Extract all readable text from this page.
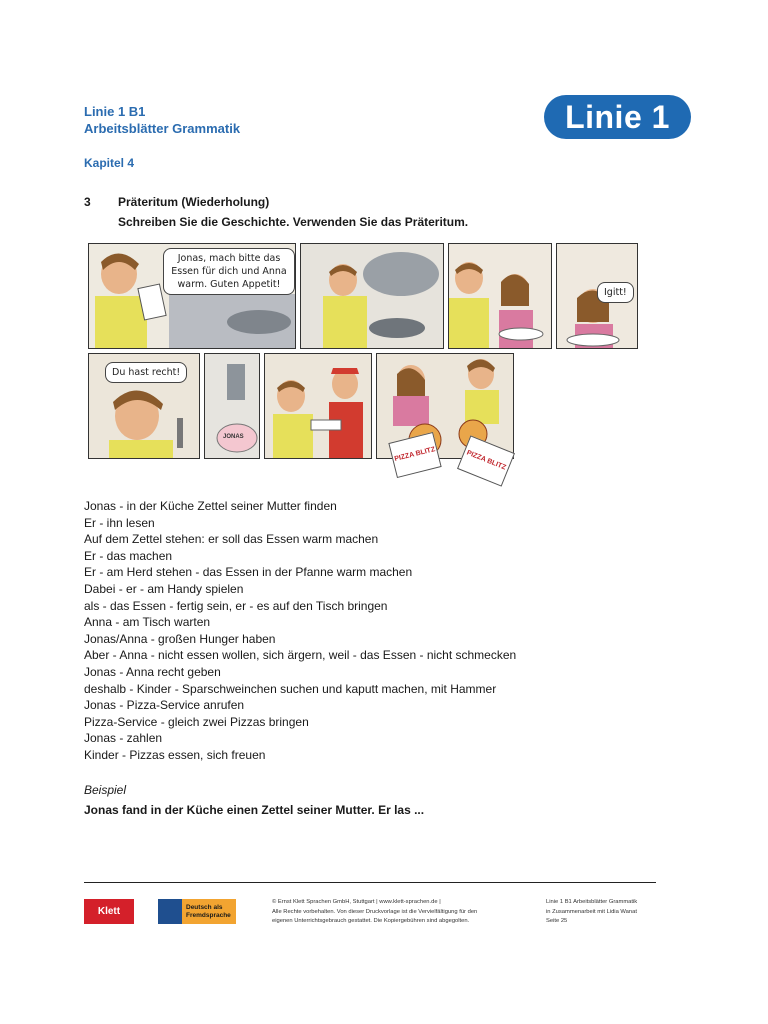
Linie 1 B1
Arbeitsblätter Grammatik	Linie 1
Kapitel 4
3 Präteritum (Wiederholung)
Schreiben Sie die Geschichte. Verwenden Sie das Präteritum.
Jonas, mach bitte das Essen für dich und Anna warm. Guten Appetit!
Igitt!
Du hast recht!
JONAS
PIZZA BLITZ	PIZZA BLITZ
Jonas - in der Küche Zettel seiner Mutter finden
Er - ihn lesen
Auf dem Zettel stehen: er soll das Essen warm machen
Er - das machen
Er - am Herd stehen - das Essen in der Pfanne warm machen
Dabei - er - am Handy spielen
als - das Essen - fertig sein, er - es auf den Tisch bringen
Anna - am Tisch warten
Jonas/Anna - großen Hunger haben
Aber - Anna - nicht essen wollen, sich ärgern, weil - das Essen - nicht schmecken
Jonas - Anna recht geben
deshalb - Kinder - Sparschweinchen suchen und kaputt machen, mit Hammer
Jonas - Pizza-Service anrufen
Pizza-Service - gleich zwei Pizzas bringen
Jonas - zahlen
Kinder - Pizzas essen, sich freuen
Beispiel
Jonas fand in der Küche einen Zettel seiner Mutter. Er las ...
Klett	Deutsch als
Fremdsprache
© Ernst Klett Sprachen GmbH, Stuttgart | www.klett-sprachen.de |
Alle Rechte vorbehalten. Von dieser Druckvorlage ist die Vervielfältigung für den
eigenen Unterrichtsgebrauch gestattet. Die Kopiergebühren sind abgegolten.
Linie 1 B1 Arbeitsblätter Grammatik
in Zusammenarbeit mit Lidia Wanat
Seite 25
